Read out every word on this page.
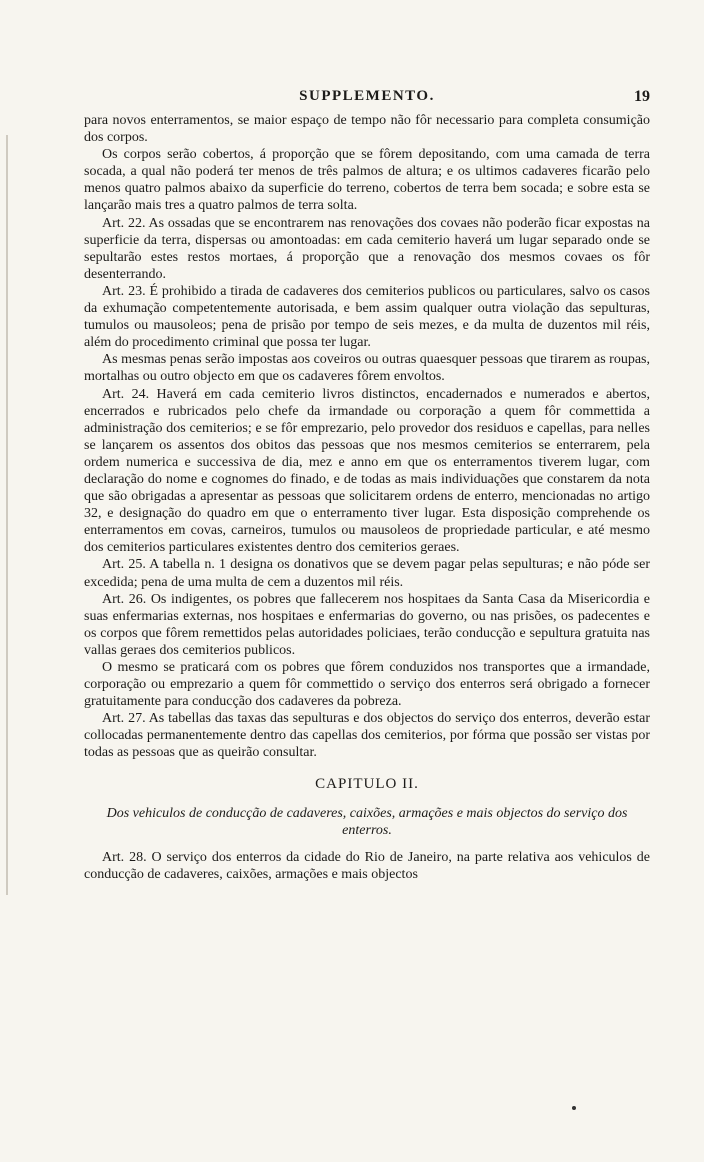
SUPPLEMENTO.	19

para novos enterramentos, se maior espaço de tempo não fôr necessario para completa consumição dos corpos.

Os corpos serão cobertos, á proporção que se fôrem depositando, com uma camada de terra socada, a qual não poderá ter menos de três palmos de altura; e os ultimos cadaveres ficarão pelo menos quatro palmos abaixo da superficie do terreno, cobertos de terra bem socada; e sobre esta se lançarão mais tres a quatro palmos de terra solta.

Art. 22. As ossadas que se encontrarem nas renovações dos covaes não poderão ficar expostas na superficie da terra, dispersas ou amontoadas: em cada cemiterio haverá um lugar separado onde se sepultarão estes restos mortaes, á proporção que a renovação dos mesmos covaes os fôr desenterrando.

Art. 23. É prohibido a tirada de cadaveres dos cemiterios publicos ou particulares, salvo os casos da exhumação competentemente autorisada, e bem assim qualquer outra violação das sepulturas, tumulos ou mausoleos; pena de prisão por tempo de seis mezes, e da multa de duzentos mil réis, além do procedimento criminal que possa ter lugar.

As mesmas penas serão impostas aos coveiros ou outras quaesquer pessoas que tirarem as roupas, mortalhas ou outro objecto em que os cadaveres fôrem envoltos.

Art. 24. Haverá em cada cemiterio livros distinctos, encadernados e numerados e abertos, encerrados e rubricados pelo chefe da irmandade ou corporação a quem fôr commettida a administração dos cemiterios; e se fôr emprezario, pelo provedor dos residuos e capellas, para nelles se lançarem os assentos dos obitos das pessoas que nos mesmos cemiterios se enterrarem, pela ordem numerica e successiva de dia, mez e anno em que os enterramentos tiverem lugar, com declaração do nome e cognomes do finado, e de todas as mais individuações que constarem da nota que são obrigadas a apresentar as pessoas que solicitarem ordens de enterro, mencionadas no artigo 32, e designação do quadro em que o enterramento tiver lugar. Esta disposição comprehende os enterramentos em covas, carneiros, tumulos ou mausoleos de propriedade particular, e até mesmo dos cemiterios particulares existentes dentro dos cemiterios geraes.

Art. 25. A tabella n. 1 designa os donativos que se devem pagar pelas sepulturas; e não póde ser excedida; pena de uma multa de cem a duzentos mil réis.

Art. 26. Os indigentes, os pobres que fallecerem nos hospitaes da Santa Casa da Misericordia e suas enfermarias externas, nos hospitaes e enfermarias do governo, ou nas prisões, os padecentes e os corpos que fôrem remettidos pelas autoridades policiaes, terão conducção e sepultura gratuita nas vallas geraes dos cemiterios publicos.

O mesmo se praticará com os pobres que fôrem conduzidos nos transportes que a irmandade, corporação ou emprezario a quem fôr commettido o serviço dos enterros será obrigado a fornecer gratuitamente para conducção dos cadaveres da pobreza.

Art. 27. As tabellas das taxas das sepulturas e dos objectos do serviço dos enterros, deverão estar collocadas permanentemente dentro das capellas dos cemiterios, por fórma que possão ser vistas por todas as pessoas que as queirão consultar.

CAPITULO II.
Dos vehiculos de conducção de cadaveres, caixões, armações e mais objectos do serviço dos enterros.

Art. 28. O serviço dos enterros da cidade do Rio de Janeiro, na parte relativa aos vehiculos de conducção de cadaveres, caixões, armações e mais objectos
